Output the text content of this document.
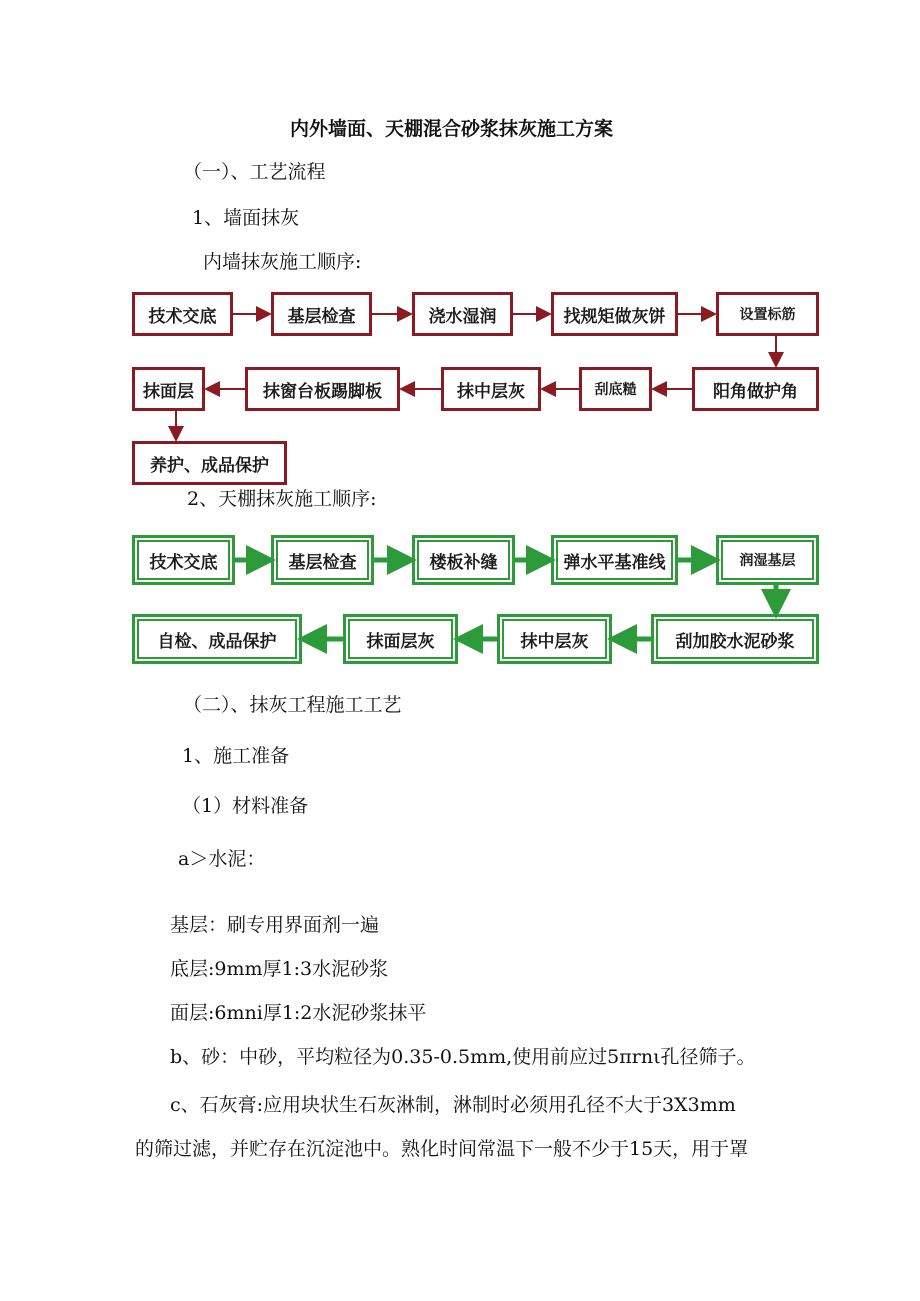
内外墙面、天棚混合砂浆抹灰施工方案
（一）、工艺流程
1、墙面抹灰
内墙抹灰施工顺序:
技术交底	基层检查	浇水湿润	找规矩做灰饼	设置标筋
阳角做护角
刮底糙
抹中层灰
抹窗台板踢脚板
抹面层
养护、成品保护
2、天棚抹灰施工顺序:
技术交底	基层检查	楼板补缝	弹水平基准线	润湿基层
刮加胶水泥砂浆
抹中层灰
抹面层灰
自检、成品保护
（二）、抹灰工程施工工艺
1、施工准备
（1）材料准备
a＞水泥：
基层：刷专用界面剂一遍
底层:9mm厚1:3水泥砂浆
面层:6mni厚1:2水泥砂浆抹平
b、砂：中砂，平均粒径为0.35-0.5mm,使用前应过5πrnι孔径筛子。
c、石灰膏:应用块状生石灰淋制，淋制时必须用孔径不大于3X3mm
的筛过滤，并贮存在沉淀池中。熟化时间常温下一般不少于15天，用于罩
